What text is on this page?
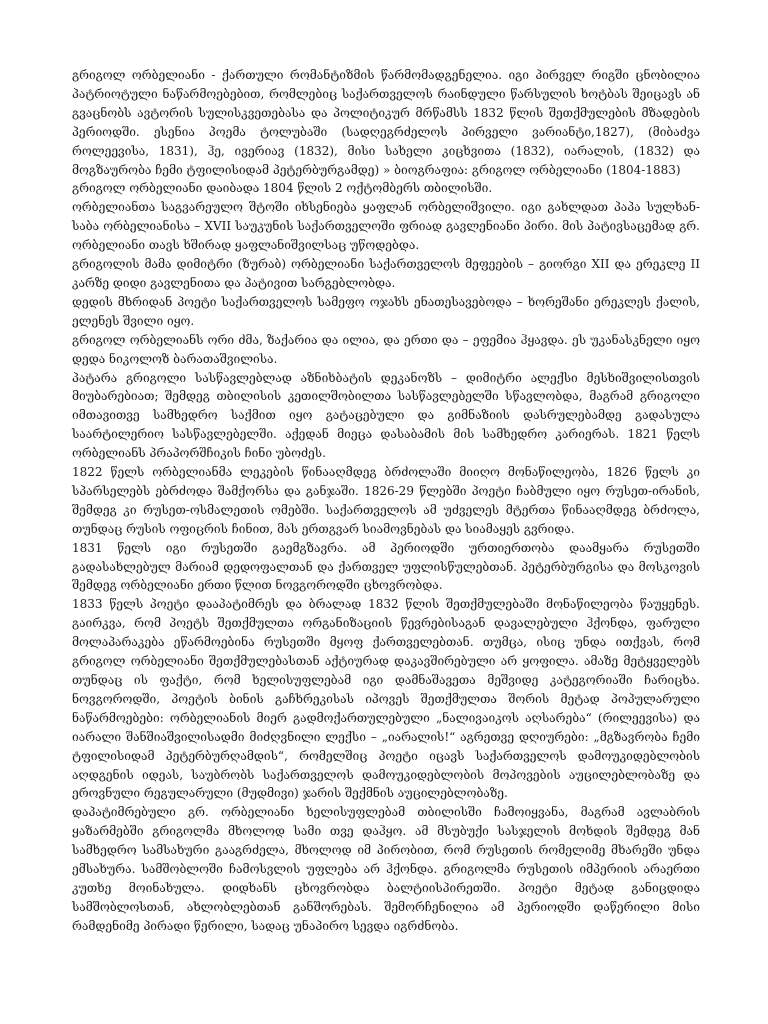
გრიგოლ ორბელიანი - ქართული რომანტიზმის წარმომადგენელია. იგი პირველ რიგში ცნობილია პატრიოტული ნაწარმოებებით, რომლებიც საქართველოს რაინდული წარსულის ხოტბას შეიცავს ან გვაცნობს ავტორის სულისკვეთებასა და პოლიტიკურ მრწამსს 1832 წლის შეთქმულების მზადების პერიოდში. ესენია პოემა ტოლუბაში (სადღეგრძელოს პირველი ვარიანტი,1827), (მიბაძვა როლეევისა, 1831), ჰე, ივერიავ (1832), მისი სახელი კიცხვითა (1832), იარალის, (1832) და მოგზაურობა ჩემი ტფილისიდამ პეტერბურგამდე) » ბიოგრაფია: გრიგოლ ორბელიანი (1804-1883)

გრიგოლ ორბელიანი დაიბადა 1804 წლის 2 ოქტომბერს თბილისში.

ორბელიანთა საგვარეულო შტოში იხსენიება ყაფლან ორბელიშვილი. იგი გახლდათ პაპა სულხან-საბა ორბელიანისა – XVII საუკუნის საქართველოში ფრიად გავლენიანი პირი. მის პატივსაცემად გრ. ორბელიანი თავს ხშირად ყაფლანიშვილსაც უწოდებდა.

გრიგოლის მამა დიმიტრი (ზურაბ) ორბელიანი საქართველოს მეფეების – გიორგი XII და ერეკლე II კარზე დიდი გავლენითა და პატივით სარგებლობდა.

დედის მხრიდან პოეტი საქართველოს სამეფო ოჯახს ენათესავებოდა – ხორეშანი ერეკლეს ქალის, ელენეს შვილი იყო.

გრიგოლ ორბელიანს ორი ძმა, ზაქარია და ილია, და ერთი და – ეფემია ჰყავდა. ეს უკანასკნელი იყო დედა ნიკოლოზ ბარათაშვილისა.

პატარა გრიგოლი სასწავლებლად აზნიხბატის დეკანოზს – დიმიტრი ალექსი მესხიშვილისთვის მიუბარებიათ; შემდეგ თბილისის კეთილშობილთა სასწავლებელში სწავლობდა, მაგრამ გრიგოლი იმთავითვე სამხედრო საქმით იყო გატაცებული და გიმნაზიის დასრულებამდე გადასულა საარტილერიო სასწავლებელში. აქედან მიეცა დასაბამის მის სამხედრო კარიერას. 1821 წელს ორბელიანს პრაპორშჩიკის ჩინი უბოძეს.

1822 წელს ორბელიანმა ლეკების წინააღმდეგ ბრძოლაში მიიღო მონაწილეობა, 1826 წელს კი სპარსელებს ებრძოდა შამქორსა და განჯაში. 1826-29 წლებში პოეტი ჩაბმული იყო რუსეთ-ირანის, შემდეგ კი რუსეთ-ოსმალეთის ომებში. საქართველოს ამ უძველეს მტერთა წინააღმდეგ ბრძოლა, თუნდაც რუსის ოფიცრის ჩინით, მას ერთგვარ სიამოვნებას და სიამაყეს გვრიდა.

1831 წელს იგი რუსეთში გაემგზავრა. ამ პერიოდში ურთიერთობა დაამყარა რუსეთში გადასახლებულ მარიამ დედოფალთან და ქართველ უფლისწულებთან. პეტერბურგისა და მოსკოვის შემდეგ ორბელიანი ერთი წლით ნოვგოროდში ცხოვრობდა.

1833 წელს პოეტი დააპატიმრეს და ბრალად 1832 წლის შეთქმულებაში მონაწილეობა წაუყენეს. გაირკვა, რომ პოეტს შეთქმულთა ორგანიზაციის წევრებისაგან დავალებული ჰქონდა, ფარული მოლაპარაკება ეწარმოებინა რუსეთში მყოფ ქართველებთან. თუმცა, ისიც უნდა ითქვას, რომ გრიგოლ ორბელიანი შეთქმულებასთან აქტიურად დაკავშირებული არ ყოფილა. ამაზე მეტყველებს თუნდაც ის ფაქტი, რომ ხელისუფლებამ იგი დამნაშავეთა მეშვიდე კატეგორიაში ჩარიცხა. ნოვგოროდში, პოეტის ბინის გაჩხრეკისას იპოვეს შეთქმულთა შორის მეტად პოპულარული ნაწარმოებები: ორბელიანის მიერ გადმოქართულებული „ნალივაიკოს აღსარება“ (რილეევისა) და იარალი შანშიაშვილისადმი მიძღვნილი ლექსი – „იარალის!“ აგრეთვე დღიურები: „მგზავრობა ჩემი ტფილისიდამ პეტერბურღამდის“, რომელშიც პოეტი იცავს საქართველოს დამოუკიდებლობის აღდგენის იდეას, საუბრობს საქართველოს დამოუკიდებლობის მოპოვების აუცილებლობაზე და ეროვნული რეგულარული (მუდმივი) ჯარის შექმნის აუცილებლობაზე.

დაპატიმრებული გრ. ორბელიანი ხელისუფლებამ თბილისში ჩამოიყვანა, მაგრამ ავლაბრის ყაზარმებში გრიგოლმა მხოლოდ სამი თვე დაჰყო. ამ მსუბუქი სასჯელის მოხდის შემდეგ მან სამხედრო სამსახური გააგრძელა, მხოლოდ იმ პირობით, რომ რუსეთის რომელიმე მხარეში უნდა ემსახურა. სამშობლოში ჩამოსვლის უფლება არ ჰქონდა. გრიგოლმა რუსეთის იმპერიის არაერთი კუთხე მოინახულა. დიდხანს ცხოვრობდა ბალტიისპირეთში. პოეტი მეტად განიცდიდა სამშობლოსთან, ახლობლებთან განშორებას. შემორჩენილია ამ პერიოდში დაწერილი მისი რამდენიმე პირადი წერილი, სადაც უნაპირო სევდა იგრძნობა.
